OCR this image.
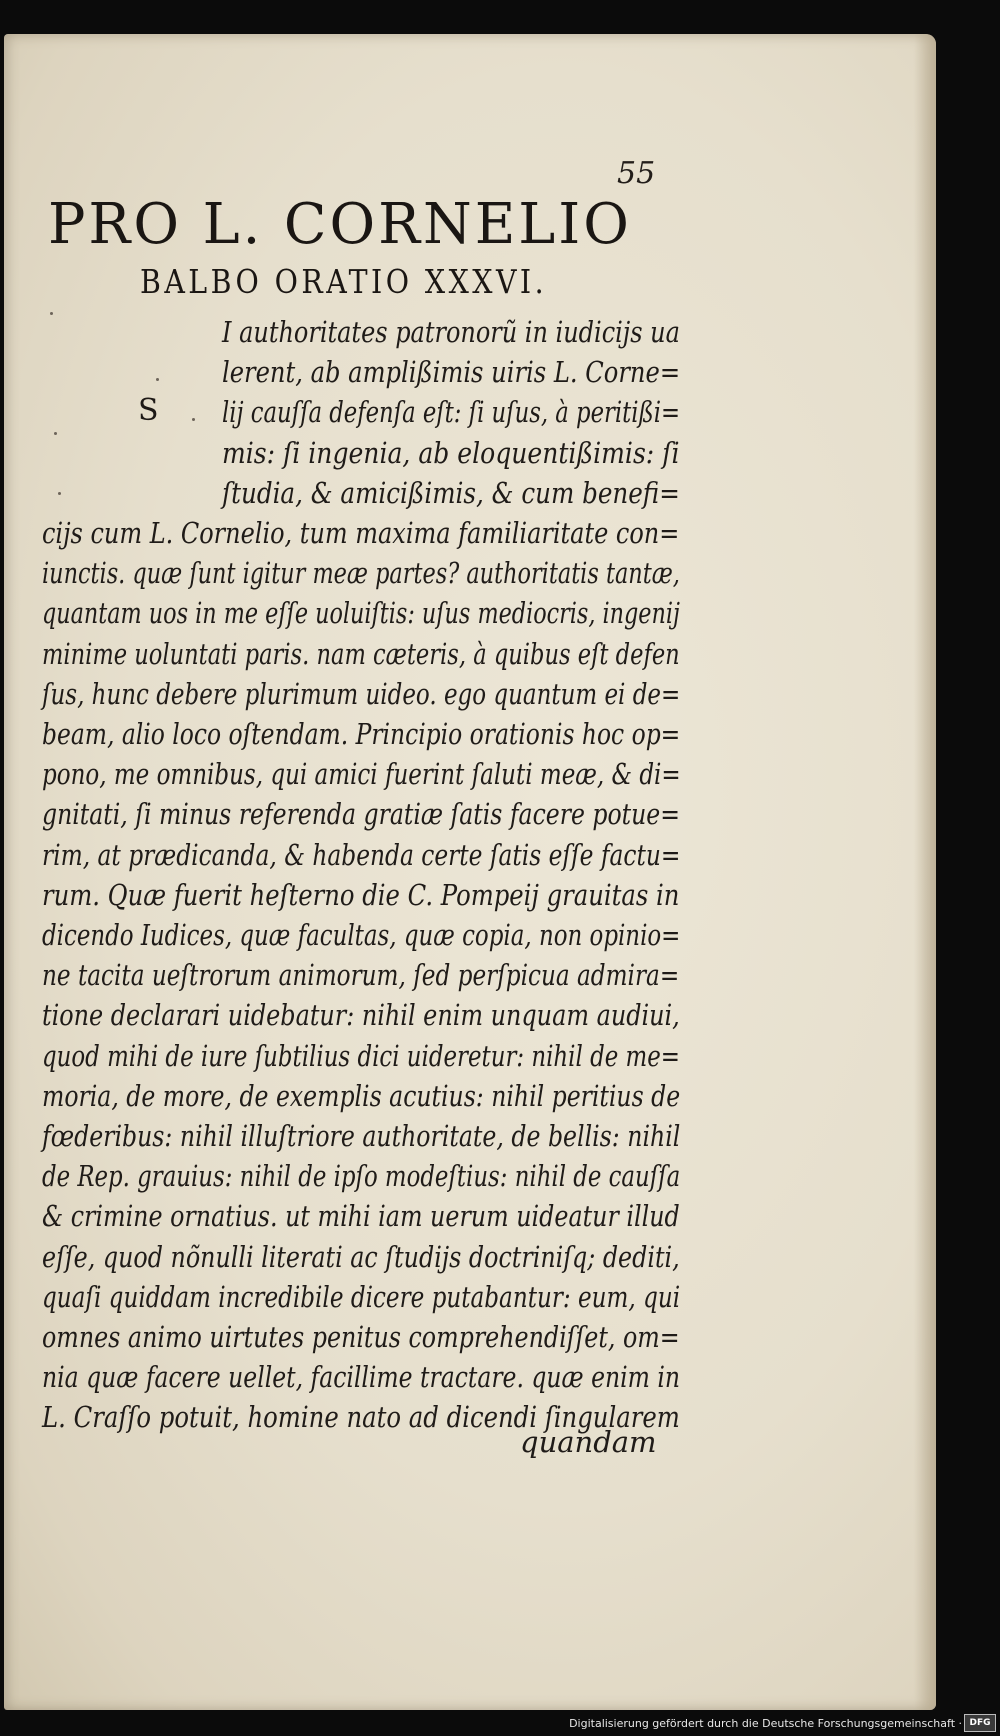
55
PRO L. CORNELIO
BALBO ORATIO XXXVI.
S
I authoritates patronorũ in iudicijs ua
lerent, ab amplißimis uiris L. Corne=
lij cauſſa defenſa eſt: ſi uſus, à peritißi=
mis: ſi ingenia, ab eloquentißimis: ſi
ſtudia, & amicißimis, & cum benefi=
cijs cum L. Cornelio, tum maxima familiaritate con=
iunctis. quæ ſunt igitur meæ partes? authoritatis tantæ,
quantam uos in me eſſe uoluiſtis: uſus mediocris, ingenij
minime uoluntati paris. nam cæteris, à quibus eſt defen
ſus, hunc debere plurimum uideo. ego quantum ei de=
beam, alio loco oſtendam. Principio orationis hoc op=
pono, me omnibus, qui amici fuerint ſaluti meæ, & di=
gnitati, ſi minus referenda gratiæ ſatis facere potue=
rim, at prædicanda, & habenda certe ſatis eſſe factu=
rum. Quæ fuerit heſterno die C. Pompeij grauitas in
dicendo Iudices, quæ facultas, quæ copia, non opinio=
ne tacita ueſtrorum animorum, ſed perſpicua admira=
tione declarari uidebatur: nihil enim unquam audiui,
quod mihi de iure ſubtilius dici uideretur: nihil de me=
moria, de more, de exemplis acutius: nihil peritius de
fœderibus: nihil illuſtriore authoritate, de bellis: nihil
de Rep. grauius: nihil de ipſo modeſtius: nihil de cauſſa
& crimine ornatius. ut mihi iam uerum uideatur illud
eſſe, quod nõnulli literati ac ſtudijs doctriniſq; dediti,
quaſi quiddam incredibile dicere putabantur: eum, qui
omnes animo uirtutes penitus comprehendiſſet, om=
nia quæ facere uellet, facillime tractare. quæ enim in
L. Craſſo potuit, homine nato ad dicendi ſingularem
quandam
Digitalisierung gefördert durch die Deutsche Forschungsgemeinschaft · DFG
